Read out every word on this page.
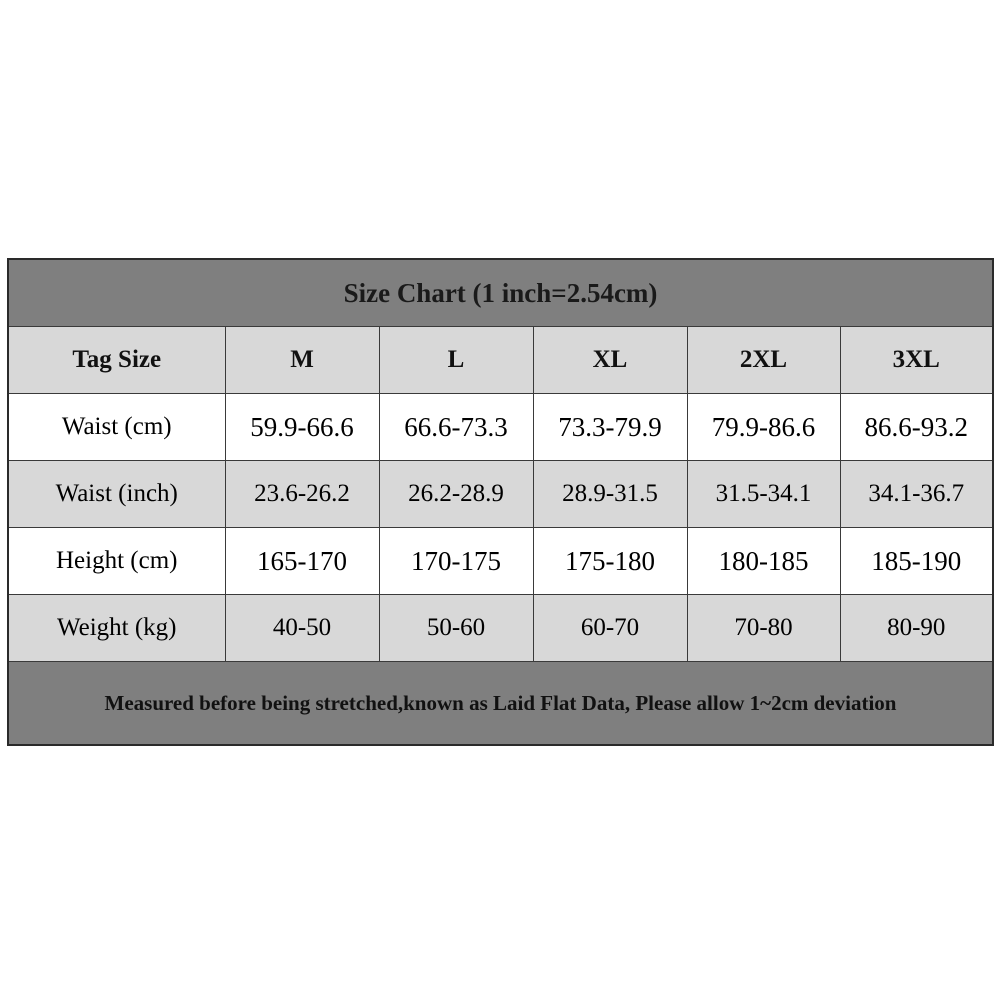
Size Chart (1 inch=2.54cm)					
Tag Size	M	L	XL	2XL	3XL
Waist (cm)	59.9-66.6	66.6-73.3	73.3-79.9	79.9-86.6	86.6-93.2
Waist (inch)	23.6-26.2	26.2-28.9	28.9-31.5	31.5-34.1	34.1-36.7
Height (cm)	165-170	170-175	175-180	180-185	185-190
Weight (kg)	40-50	50-60	60-70	70-80	80-90
Measured before being stretched,known as Laid Flat Data, Please allow 1~2cm deviation					
